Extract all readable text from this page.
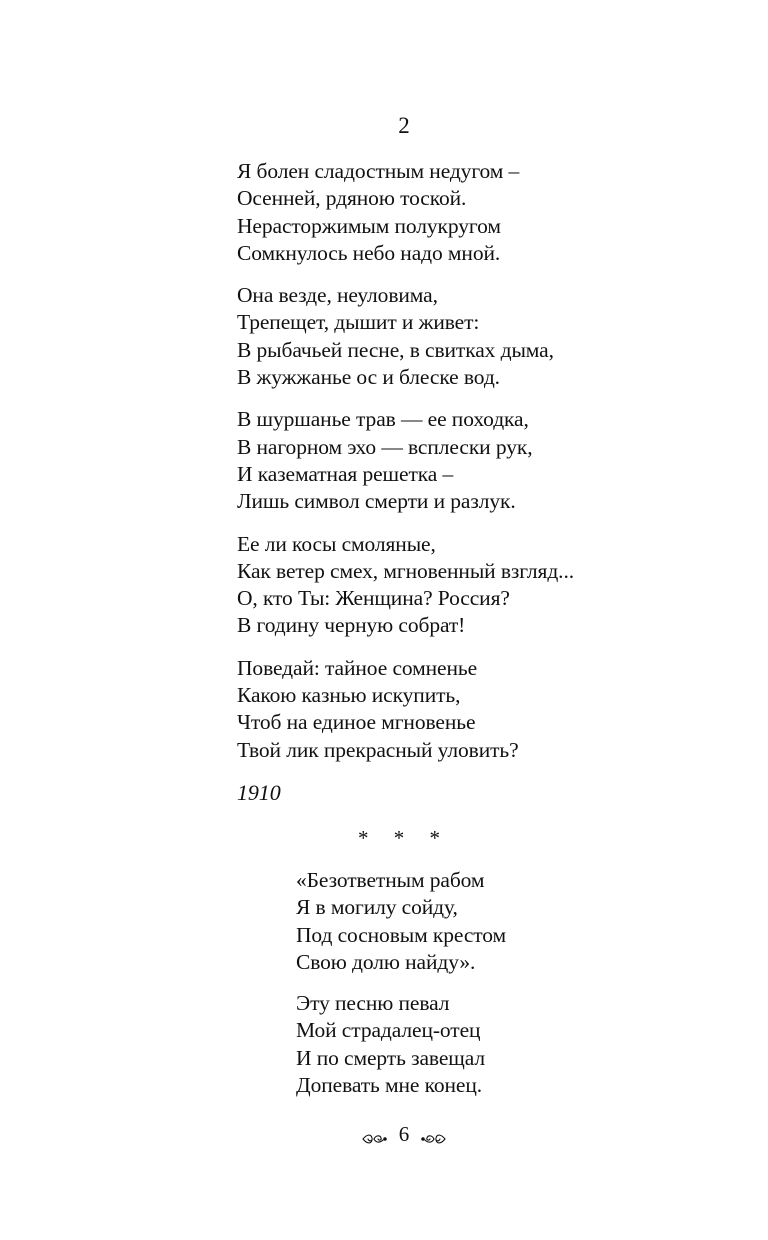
2
Я болен сладостным недугом –
Осенней, рдяною тоской.
Нерасторжимым полукругом
Сомкнулось небо надо мной.
Она везде, неуловима,
Трепещет, дышит и живет:
В рыбачьей песне, в свитках дыма,
В жужжанье ос и блеске вод.
В шуршанье трав — ее походка,
В нагорном эхо — всплески рук,
И казематная решетка –
Лишь символ смерти и разлук.
Ее ли косы смоляные,
Как ветер смех, мгновенный взгляд...
О, кто Ты: Женщина? Россия?
В годину черную собрат!
Поведай: тайное сомненье
Какою казнью искупить,
Чтоб на единое мгновенье
Твой лик прекрасный уловить?
1910
* * *
«Безответным рабом
Я в могилу сойду,
Под сосновым крестом
Свою долю найду».
Эту песню певал
Мой страдалец-отец
И по смерть завещал
Допевать мне конец.
6
